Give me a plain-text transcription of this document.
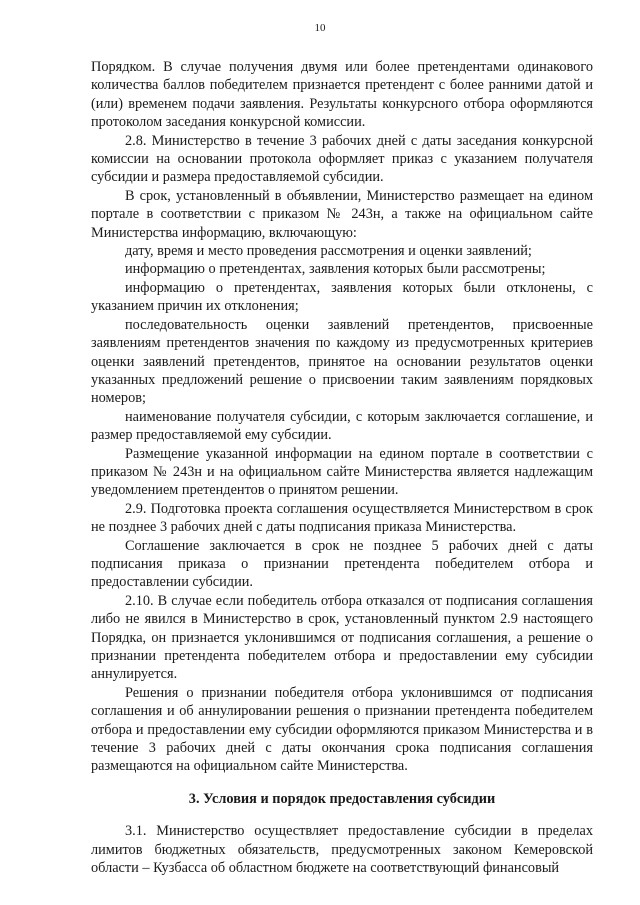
10

Порядком. В случае получения двумя или более претендентами одинакового количества баллов победителем признается претендент с более ранними датой и (или) временем подачи заявления. Результаты конкурсного отбора оформляются протоколом заседания конкурсной комиссии.

2.8. Министерство в течение 3 рабочих дней с даты заседания конкурсной комиссии на основании протокола оформляет приказ с указанием получателя субсидии и размера предоставляемой субсидии.

В срок, установленный в объявлении, Министерство размещает на едином портале в соответствии с приказом № 243н, а также на официальном сайте Министерства информацию, включающую:

дату, время и место проведения рассмотрения и оценки заявлений;

информацию о претендентах, заявления которых были рассмотрены;

информацию о претендентах, заявления которых были отклонены, с указанием причин их отклонения;

последовательность оценки заявлений претендентов, присвоенные заявлениям претендентов значения по каждому из предусмотренных критериев оценки заявлений претендентов, принятое на основании результатов оценки указанных предложений решение о присвоении таким заявлениям порядковых номеров;

наименование получателя субсидии, с которым заключается соглашение, и размер предоставляемой ему субсидии.

Размещение указанной информации на едином портале в соответствии с приказом № 243н и на официальном сайте Министерства является надлежащим уведомлением претендентов о принятом решении.

2.9. Подготовка проекта соглашения осуществляется Министерством в срок не позднее 3 рабочих дней с даты подписания приказа Министерства.

Соглашение заключается в срок не позднее 5 рабочих дней с даты подписания приказа о признании претендента победителем отбора и предоставлении субсидии.

2.10. В случае если победитель отбора отказался от подписания соглашения либо не явился в Министерство в срок, установленный пунктом 2.9 настоящего Порядка, он признается уклонившимся от подписания соглашения, а решение о признании претендента победителем отбора и предоставлении ему субсидии аннулируется.

Решения о признании победителя отбора уклонившимся от подписания соглашения и об аннулировании решения о признании претендента победителем отбора и предоставлении ему субсидии оформляются приказом Министерства и в течение 3 рабочих дней с даты окончания срока подписания соглашения размещаются на официальном сайте Министерства.

3. Условия и порядок предоставления субсидии

3.1. Министерство осуществляет предоставление субсидии в пределах лимитов бюджетных обязательств, предусмотренных законом Кемеровской области – Кузбасса об областном бюджете на соответствующий финансовый
